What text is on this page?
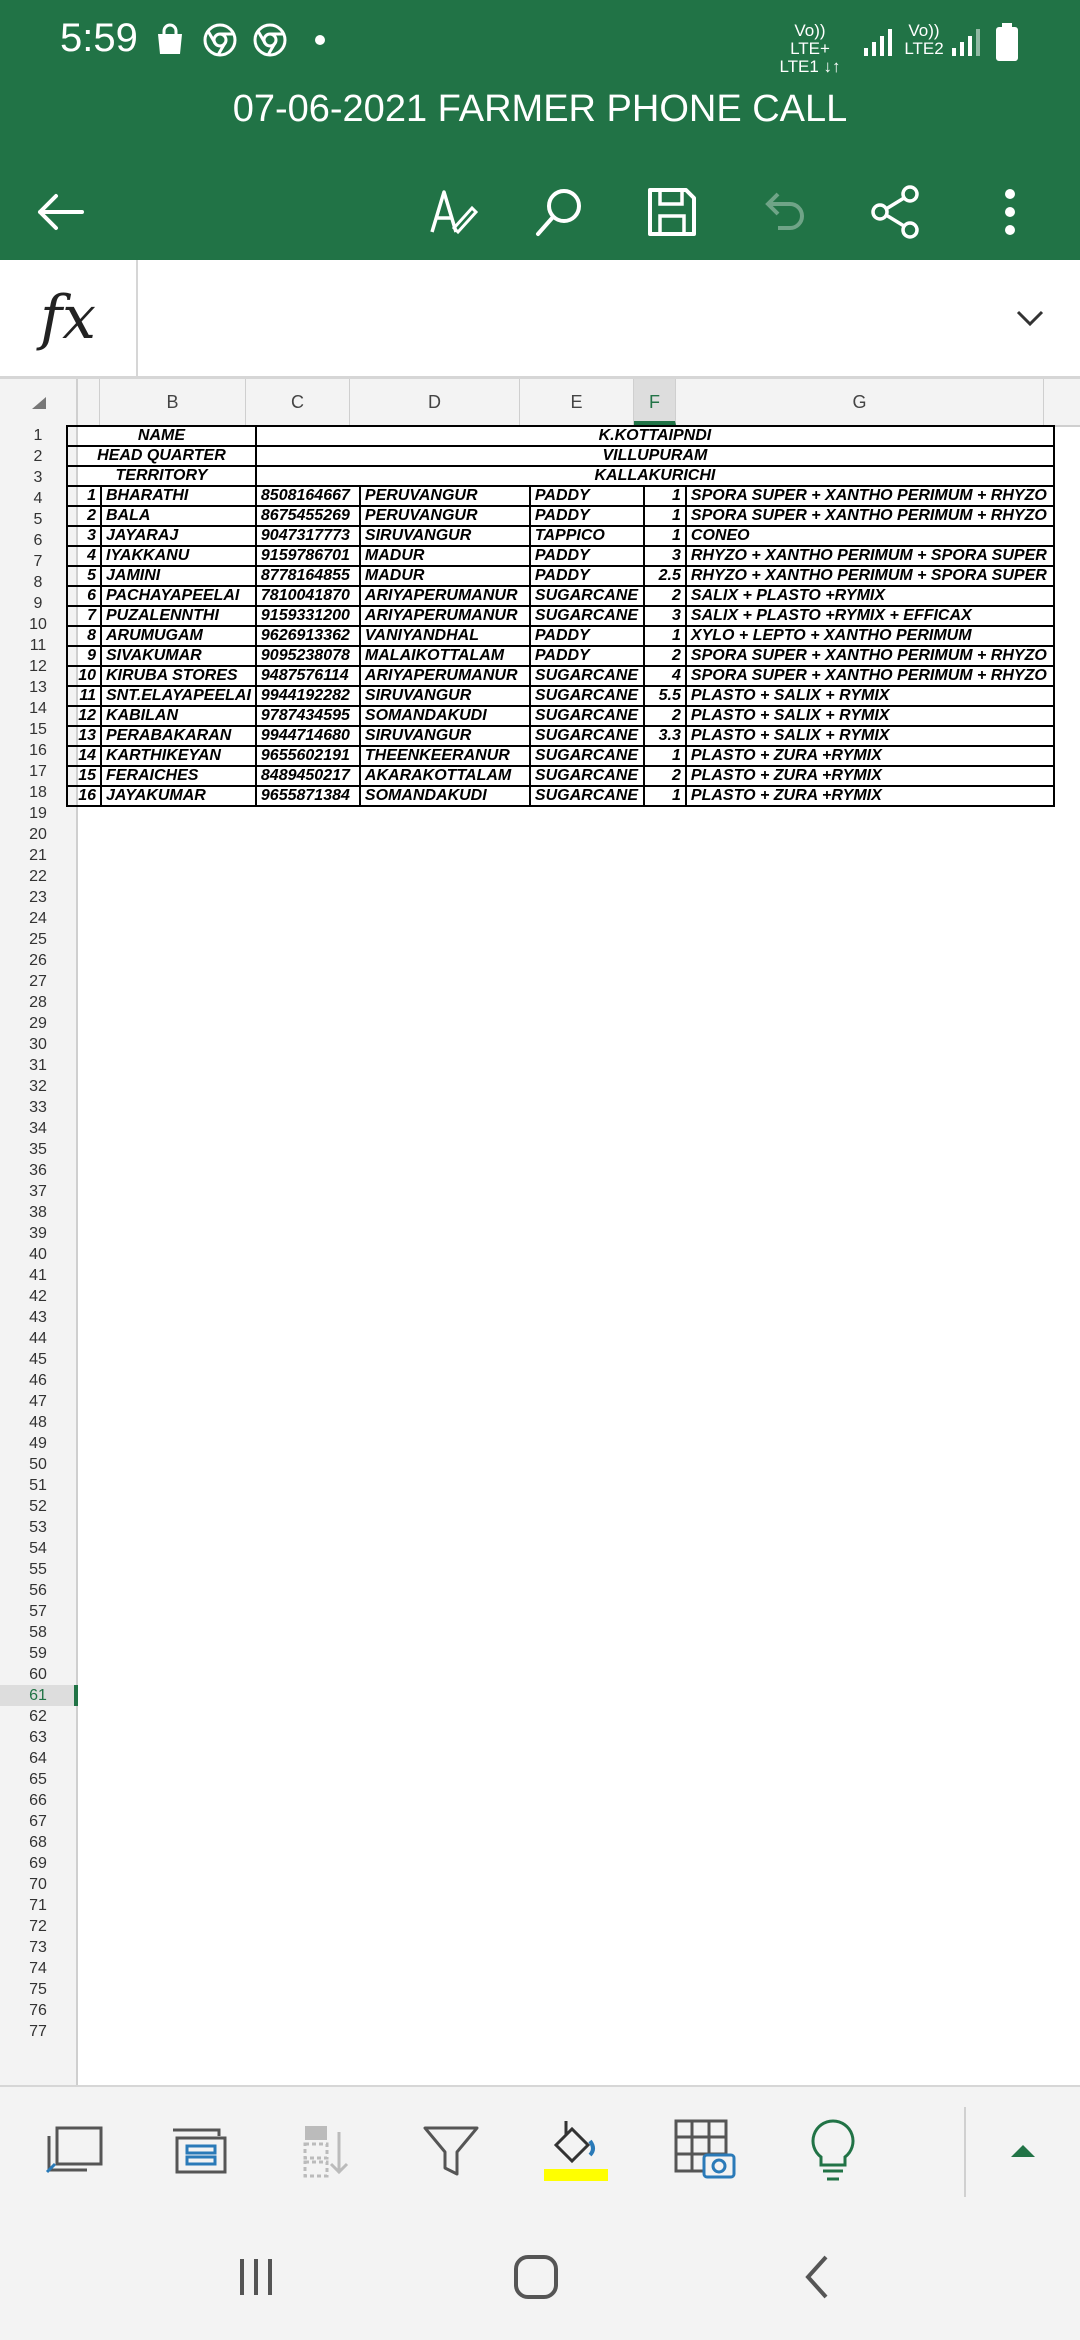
5:59	Vo)) LTE+
LTE1 ↓↑
Vo))
LTE2
07-06-2021 FARMER PHONE CALL
fx
B	C	D	E	F	G
1
2
3
4
5
6
7
8
9
10
11
12
13
14
15
16
17
18
19
20
21
22
23
24
25
26
27
28
29
30
31
32
33
34
35
36
37
38
39
40
41
42
43
44
45
46
47
48
49
50
51
52
53
54
55
56
57
58
59
60
61
62
63
64
65
66
67
68
69
70
71
72
73
74
75
76
77
NAME		K.KOTTAIPNDI				
HEAD QUARTER		VILLUPURAM				
TERRITORY		KALLAKURICHI				
1	BHARATHI	8508164667	PERUVANGUR	PADDY	1	SPORA SUPER + XANTHO PERIMUM + RHYZO
2	BALA	8675455269	PERUVANGUR	PADDY	1	SPORA SUPER + XANTHO PERIMUM + RHYZO
3	JAYARAJ	9047317773	SIRUVANGUR	TAPPICO	1	CONEO
4	IYAKKANU	9159786701	MADUR	PADDY	3	RHYZO + XANTHO PERIMUM + SPORA SUPER
5	JAMINI	8778164855	MADUR	PADDY	2.5	RHYZO + XANTHO PERIMUM + SPORA SUPER
6	PACHAYAPEELAI	7810041870	ARIYAPERUMANUR	SUGARCANE	2	SALIX + PLASTO +RYMIX
7	PUZALENNTHI	9159331200	ARIYAPERUMANUR	SUGARCANE	3	SALIX + PLASTO +RYMIX + EFFICAX
8	ARUMUGAM	9626913362	VANIYANDHAL	PADDY	1	XYLO + LEPTO + XANTHO PERIMUM
9	SIVAKUMAR	9095238078	MALAIKOTTALAM	PADDY	2	SPORA SUPER + XANTHO PERIMUM + RHYZO
10	KIRUBA STORES	9487576114	ARIYAPERUMANUR	SUGARCANE	4	SPORA SUPER + XANTHO PERIMUM + RHYZO
11	SNT.ELAYAPEELAI	9944192282	SIRUVANGUR	SUGARCANE	5.5	PLASTO + SALIX + RYMIX
12	KABILAN	9787434595	SOMANDAKUDI	SUGARCANE	2	PLASTO + SALIX + RYMIX
13	PERABAKARAN	9944714680	SIRUVANGUR	SUGARCANE	3.3	PLASTO + SALIX + RYMIX
14	KARTHIKEYAN	9655602191	THEENKEERANUR	SUGARCANE	1	PLASTO + ZURA +RYMIX
15	FERAICHES	8489450217	AKARAKOTTALAM	SUGARCANE	2	PLASTO + ZURA +RYMIX
16	JAYAKUMAR	9655871384	SOMANDAKUDI	SUGARCANE	1	PLASTO + ZURA +RYMIX
